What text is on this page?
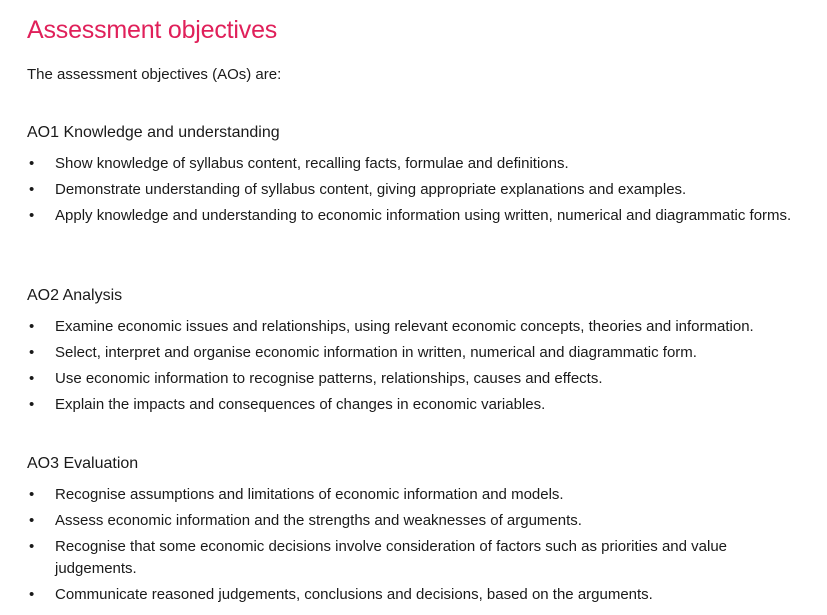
Assessment objectives

The assessment objectives (AOs) are:

AO1 Knowledge and understanding
• Show knowledge of syllabus content, recalling facts, formulae and definitions.
• Demonstrate understanding of syllabus content, giving appropriate explanations and examples.
• Apply knowledge and understanding to economic information using written, numerical and diagrammatic forms.
AO2 Analysis
• Examine economic issues and relationships, using relevant economic concepts, theories and information.
• Select, interpret and organise economic information in written, numerical and diagrammatic form.
• Use economic information to recognise patterns, relationships, causes and effects.
• Explain the impacts and consequences of changes in economic variables.
AO3 Evaluation
• Recognise assumptions and limitations of economic information and models.
• Assess economic information and the strengths and weaknesses of arguments.
• Recognise that some economic decisions involve consideration of factors such as priorities and value judgements.
• Communicate reasoned judgements, conclusions and decisions, based on the arguments.
